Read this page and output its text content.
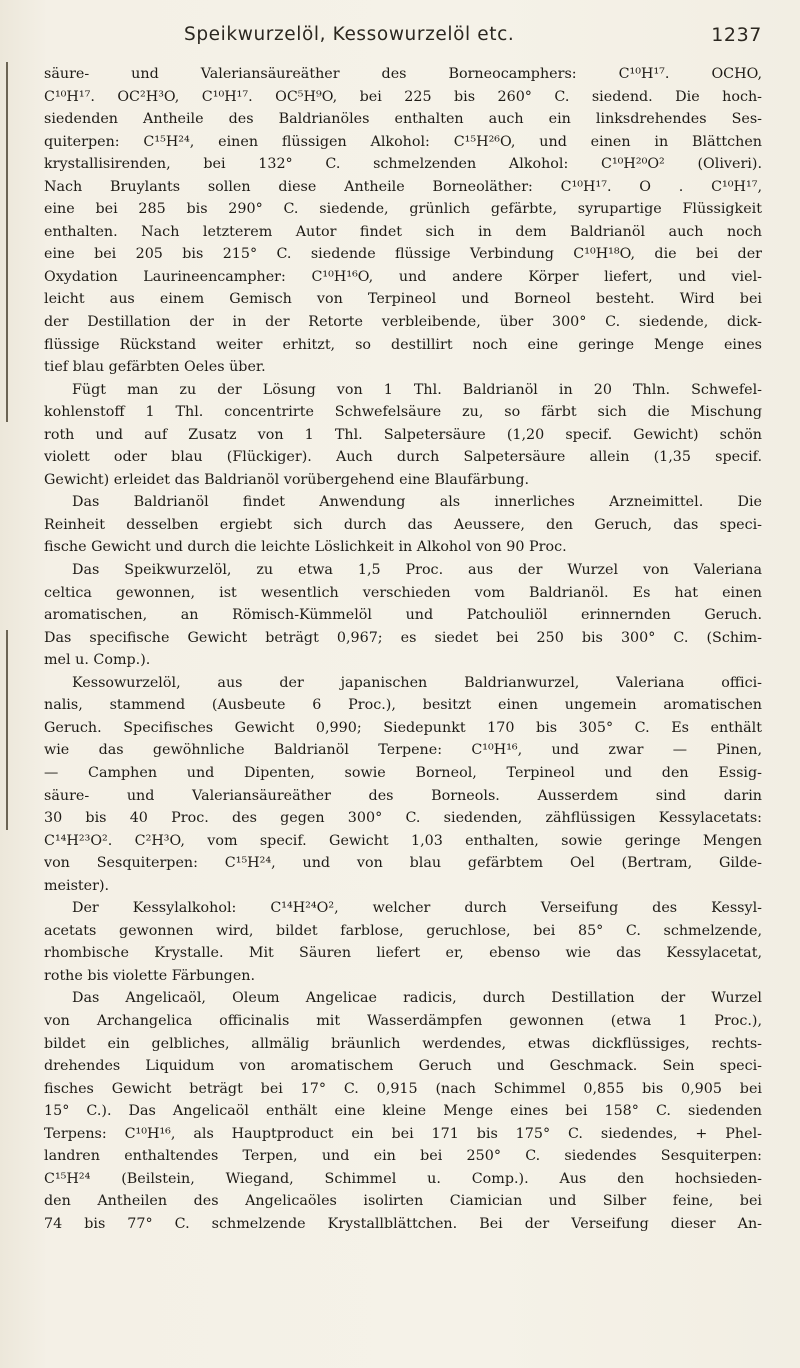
Speikwurzelöl, Kessowurzelöl etc.	1237
säure- und Valeriansäureäther des Borneocamphers: C¹⁰H¹⁷. OCHO,
C¹⁰H¹⁷. OC²H³O, C¹⁰H¹⁷. OC⁵H⁹O, bei 225 bis 260° C. siedend. Die hoch-
siedenden Antheile des Baldrianöles enthalten auch ein linksdrehendes Ses-
quiterpen: C¹⁵H²⁴, einen flüssigen Alkohol: C¹⁵H²⁶O, und einen in Blättchen
krystallisirenden, bei 132° C. schmelzenden Alkohol: C¹⁰H²⁰O² (Oliveri).
Nach Bruylants sollen diese Antheile Borneoläther: C¹⁰H¹⁷. O . C¹⁰H¹⁷,
eine bei 285 bis 290° C. siedende, grünlich gefärbte, syrupartige Flüssigkeit
enthalten. Nach letzterem Autor findet sich in dem Baldrianöl auch noch
eine bei 205 bis 215° C. siedende flüssige Verbindung C¹⁰H¹⁸O, die bei der
Oxydation Laurineencampher: C¹⁰H¹⁶O, und andere Körper liefert, und viel-
leicht aus einem Gemisch von Terpineol und Borneol besteht. Wird bei
der Destillation der in der Retorte verbleibende, über 300° C. siedende, dick-
flüssige Rückstand weiter erhitzt, so destillirt noch eine geringe Menge eines
tief blau gefärbten Oeles über.
Fügt man zu der Lösung von 1 Thl. Baldrianöl in 20 Thln. Schwefel-
kohlenstoff 1 Thl. concentrirte Schwefelsäure zu, so färbt sich die Mischung
roth und auf Zusatz von 1 Thl. Salpetersäure (1,20 specif. Gewicht) schön
violett oder blau (Flückiger). Auch durch Salpetersäure allein (1,35 specif.
Gewicht) erleidet das Baldrianöl vorübergehend eine Blaufärbung.
Das Baldrianöl findet Anwendung als innerliches Arzneimittel. Die
Reinheit desselben ergiebt sich durch das Aeussere, den Geruch, das speci-
fische Gewicht und durch die leichte Löslichkeit in Alkohol von 90 Proc.
Das Speikwurzelöl, zu etwa 1,5 Proc. aus der Wurzel von Valeriana
celtica gewonnen, ist wesentlich verschieden vom Baldrianöl. Es hat einen
aromatischen, an Römisch-Kümmelöl und Patchouliöl erinnernden Geruch.
Das specifische Gewicht beträgt 0,967; es siedet bei 250 bis 300° C. (Schim-
mel u. Comp.).
Kessowurzelöl, aus der japanischen Baldrianwurzel, Valeriana offici-
nalis, stammend (Ausbeute 6 Proc.), besitzt einen ungemein aromatischen
Geruch. Specifisches Gewicht 0,990; Siedepunkt 170 bis 305° C. Es enthält
wie das gewöhnliche Baldrianöl Terpene: C¹⁰H¹⁶, und zwar — Pinen,
— Camphen und Dipenten, sowie Borneol, Terpineol und den Essig-
säure- und Valeriansäureäther des Borneols. Ausserdem sind darin
30 bis 40 Proc. des gegen 300° C. siedenden, zähflüssigen Kessylacetats:
C¹⁴H²³O². C²H³O, vom specif. Gewicht 1,03 enthalten, sowie geringe Mengen
von Sesquiterpen: C¹⁵H²⁴, und von blau gefärbtem Oel (Bertram, Gilde-
meister).
Der Kessylalkohol: C¹⁴H²⁴O², welcher durch Verseifung des Kessyl-
acetats gewonnen wird, bildet farblose, geruchlose, bei 85° C. schmelzende,
rhombische Krystalle. Mit Säuren liefert er, ebenso wie das Kessylacetat,
rothe bis violette Färbungen.
Das Angelicaöl, Oleum Angelicae radicis, durch Destillation der Wurzel
von Archangelica officinalis mit Wasserdämpfen gewonnen (etwa 1 Proc.),
bildet ein gelbliches, allmälig bräunlich werdendes, etwas dickflüssiges, rechts-
drehendes Liquidum von aromatischem Geruch und Geschmack. Sein speci-
fisches Gewicht beträgt bei 17° C. 0,915 (nach Schimmel 0,855 bis 0,905 bei
15° C.). Das Angelicaöl enthält eine kleine Menge eines bei 158° C. siedenden
Terpens: C¹⁰H¹⁶, als Hauptproduct ein bei 171 bis 175° C. siedendes, + Phel-
landren enthaltendes Terpen, und ein bei 250° C. siedendes Sesquiterpen:
C¹⁵H²⁴ (Beilstein, Wiegand, Schimmel u. Comp.). Aus den hochsieden-
den Antheilen des Angelicaöles isolirten Ciamician und Silber feine, bei
74 bis 77° C. schmelzende Krystallblättchen. Bei der Verseifung dieser An-
